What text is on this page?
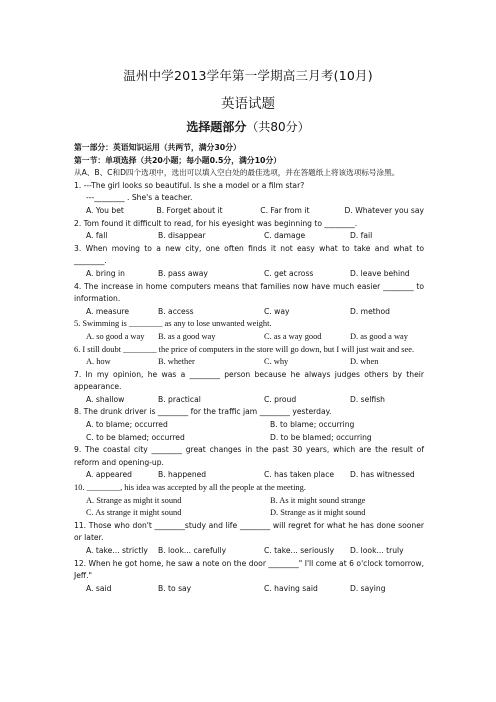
温州中学2013学年第一学期高三月考(10月)
英语试题
选择题部分（共80分）
第一部分：英语知识运用（共两节，满分30分）
第一节：单项选择（共20小题；每小题0.5分，满分10分）
从A、B、C和D四个选项中，选出可以填入空白处的最佳选项，并在答题纸上将该选项标号涂黑。
1. ---The girl looks so beautiful. Is she a model or a film star?
---________ . She's a teacher.
A. You bet	B. Forget about it	C. Far from it	D. Whatever you say
2. Tom found it difficult to read, for his eyesight was beginning to ________.
A. fall	B. disappear	C. damage	D. fail
3. When moving to a new city, one often finds it not easy what to take and what to ________.
A. bring in	B. pass away	C. get across	D. leave behind
4. The increase in home computers means that families now have much easier ________ to information.
A. measure	B. access	C. way	D. method
5. Swimming is ________ as any to lose unwanted weight.
A. so good a way	B. as a good way	C. as a way good	D. as good a way
6. I still doubt ________ the price of computers in the store will go down, but I will just wait and see.
A. how	B. whether	C. why	D. when
7. In my opinion, he was a ________ person because he always judges others by their appearance.
A. shallow	B. practical	C. proud	D. selfish
8. The drunk driver is ________ for the traffic jam ________ yesterday.
A. to blame; occurred	B. to blame; occurring
C. to be blamed; occurred	D. to be blamed; occurring
9. The coastal city ________ great changes in the past 30 years, which are the result of reform and opening-up.
A. appeared	B. happened	C. has taken place	D. has witnessed
10. ________, his idea was accepted by all the people at the meeting.
A. Strange as might it sound	B. As it might sound strange
C. As strange it might sound	D. Strange as it might sound
11. Those who don't ________study and life ________ will regret for what he has done sooner or later.
A. take... strictly	B. look... carefully	C. take... seriously	D. look... truly
12. When he got home, he saw a note on the door ________" I'll come at 6 o'clock tomorrow, Jeff."
A. said	B. to say	C. having said	D. saying
